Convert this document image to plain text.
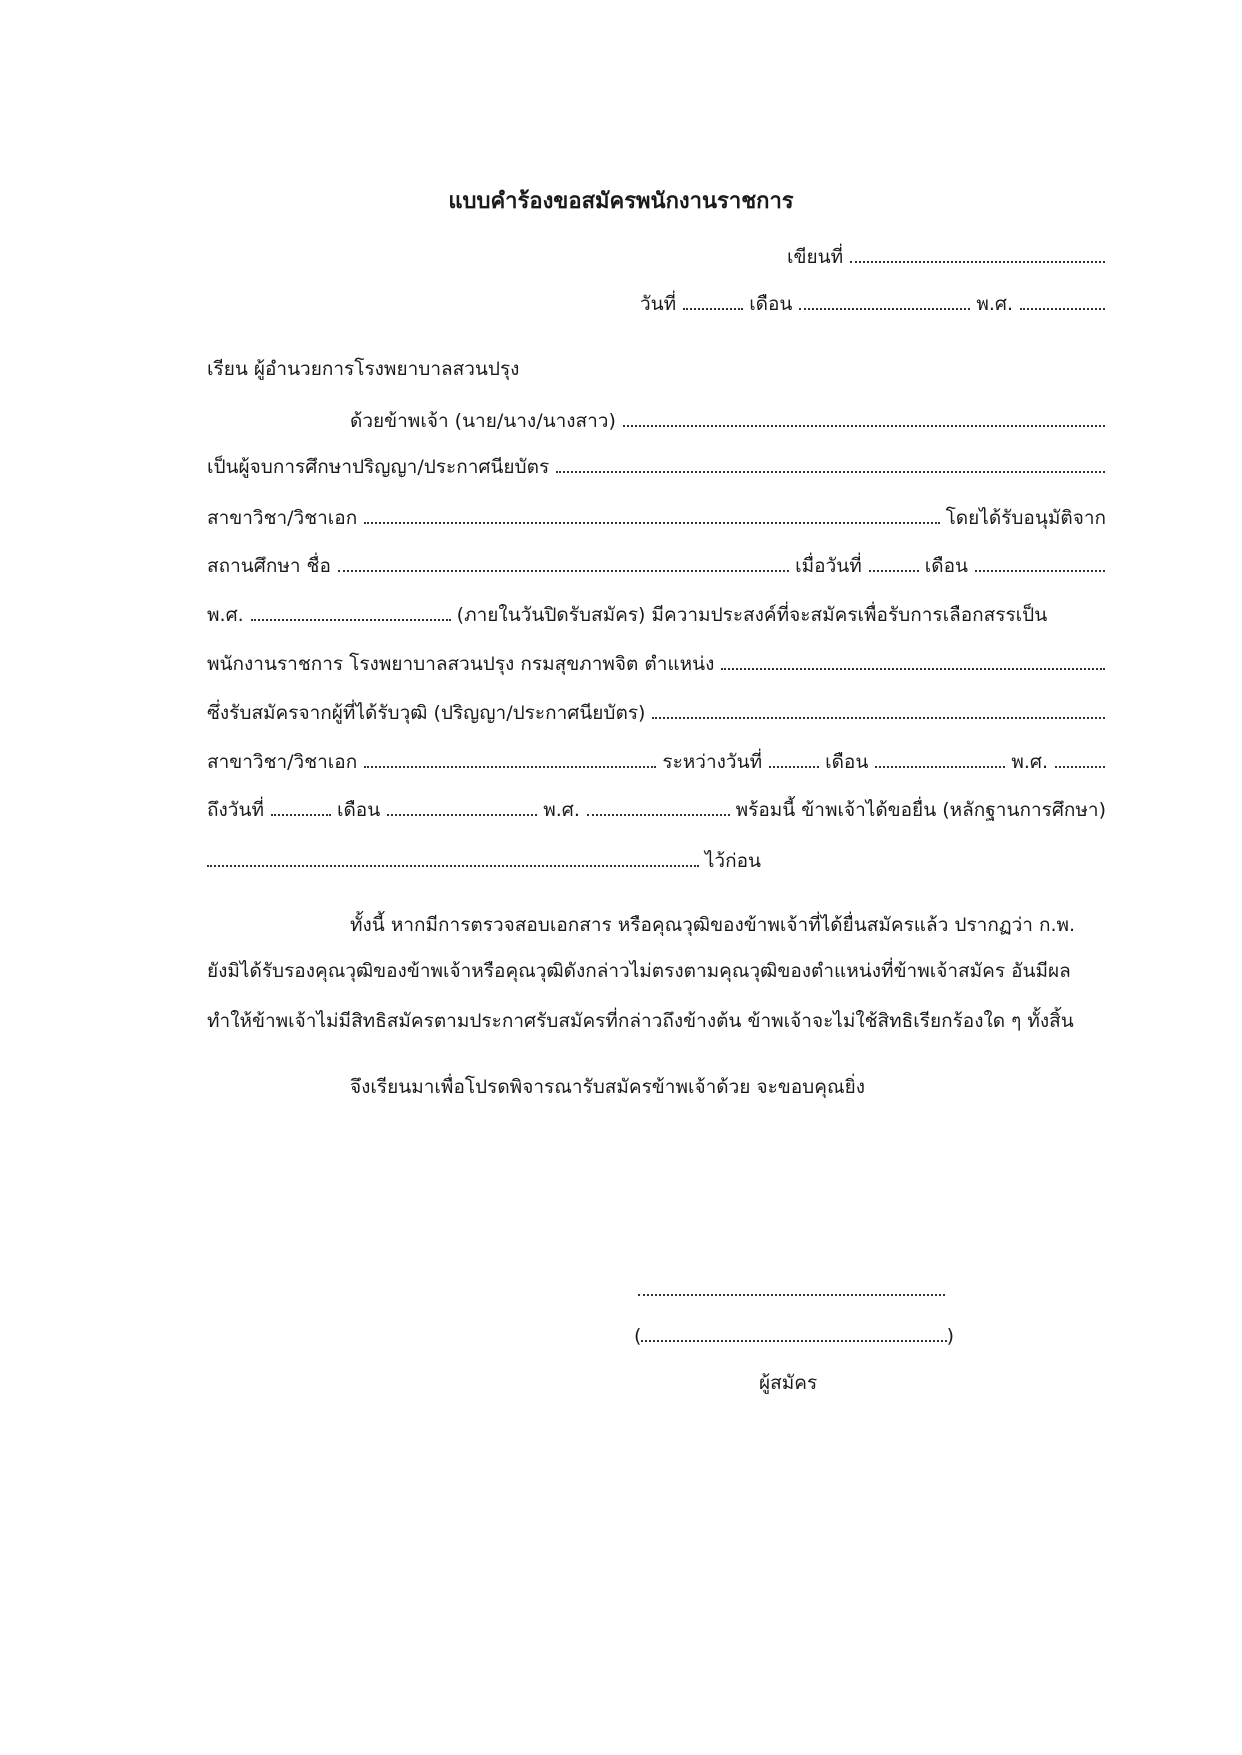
แบบคำร้องขอสมัครพนักงานราชการ
เขียนที่
วันที่	เดือน	พ.ศ.
เรียน ผู้อำนวยการโรงพยาบาลสวนปรุง
ด้วยข้าพเจ้า (นาย/นาง/นางสาว)
เป็นผู้จบการศึกษาปริญญา/ประกาศนียบัตร
สาขาวิชา/วิชาเอก	โดยได้รับอนุมัติจาก
สถานศึกษา ชื่อ	เมื่อวันที่	เดือน
พ.ศ.	(ภายในวันปิดรับสมัคร) มีความประสงค์ที่จะสมัครเพื่อรับการเลือกสรรเป็น
พนักงานราชการ โรงพยาบาลสวนปรุง กรมสุขภาพจิต ตำแหน่ง
ซึ่งรับสมัครจากผู้ที่ได้รับวุฒิ (ปริญญา/ประกาศนียบัตร)
สาขาวิชา/วิชาเอก	ระหว่างวันที่	เดือน	พ.ศ.
ถึงวันที่	เดือน	พ.ศ.	พร้อมนี้ ข้าพเจ้าได้ขอยื่น (หลักฐานการศึกษา)
ไว้ก่อน
ทั้งนี้ หากมีการตรวจสอบเอกสาร หรือคุณวุฒิของข้าพเจ้าที่ได้ยื่นสมัครแล้ว ปรากฏว่า ก.พ.
ยังมิได้รับรองคุณวุฒิของข้าพเจ้าหรือคุณวุฒิดังกล่าวไม่ตรงตามคุณวุฒิของตำแหน่งที่ข้าพเจ้าสมัคร อันมีผล
ทำให้ข้าพเจ้าไม่มีสิทธิสมัครตามประกาศรับสมัครที่กล่าวถึงข้างต้น ข้าพเจ้าจะไม่ใช้สิทธิเรียกร้องใด ๆ ทั้งสิ้น
จึงเรียนมาเพื่อโปรดพิจารณารับสมัครข้าพเจ้าด้วย จะขอบคุณยิ่ง
(	)
ผู้สมัคร
